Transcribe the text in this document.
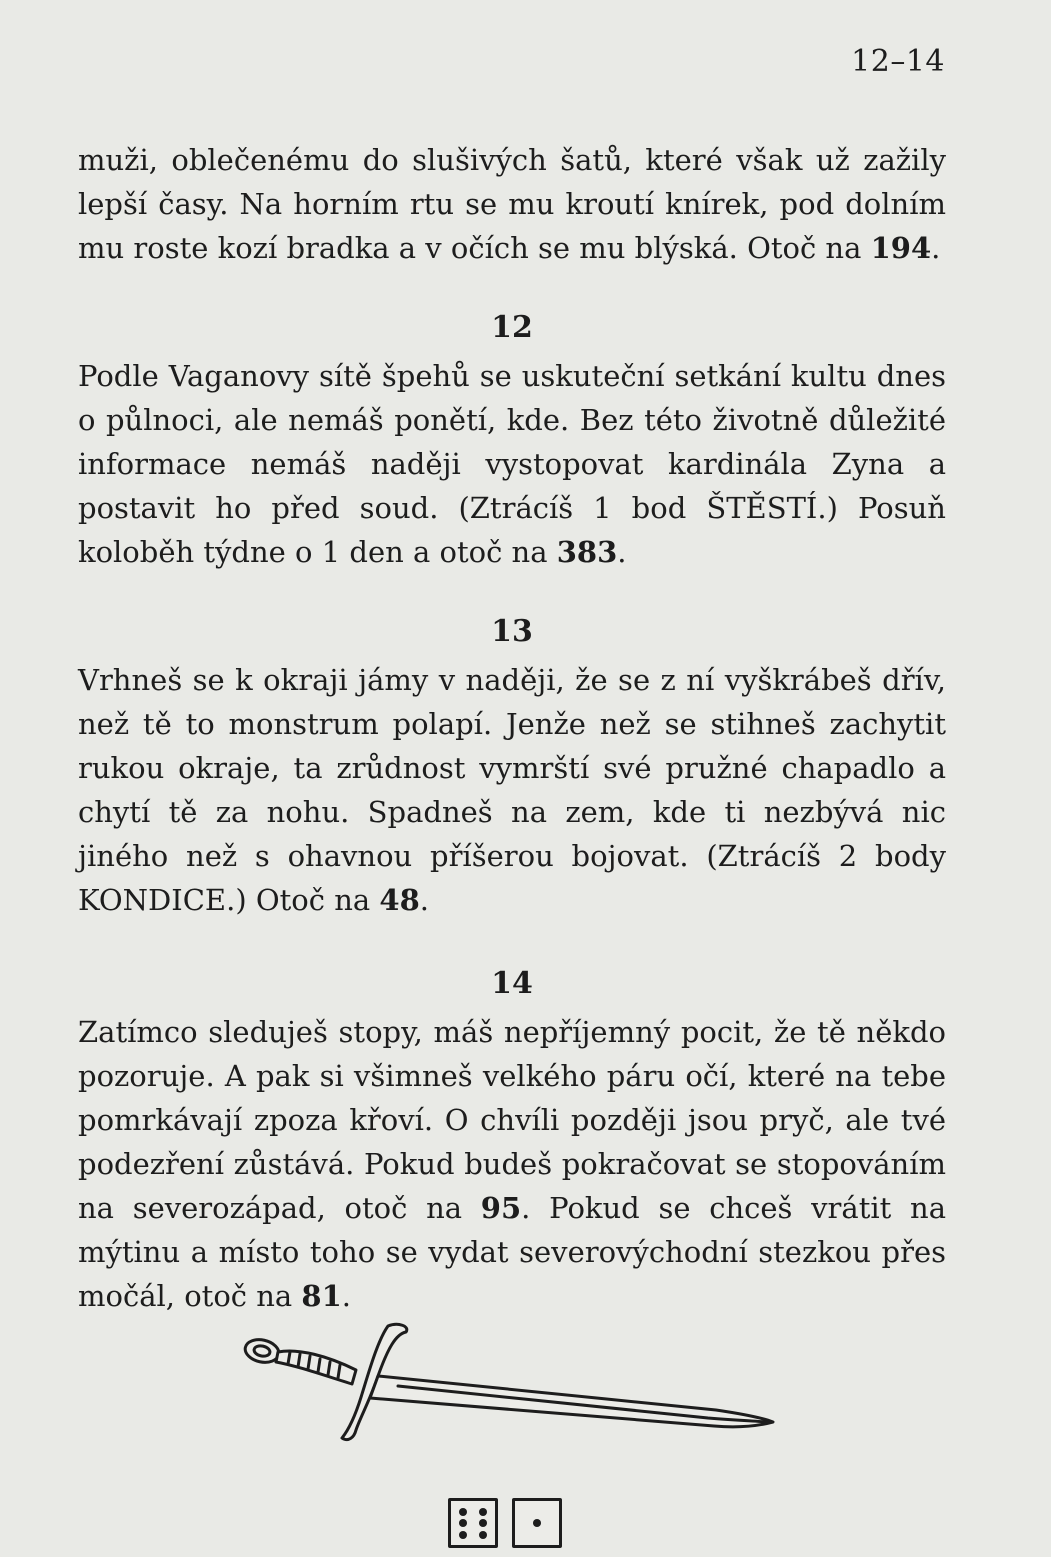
12–14

muži, oblečenému do slušivých šatů, které však už zažily lepší časy. Na horním rtu se mu kroutí knírek, pod dolním mu roste kozí bradka a v očích se mu blýská. Otoč na 194.

12

Podle Vaganovy sítě špehů se uskuteční setkání kultu dnes o půlnoci, ale nemáš ponětí, kde. Bez této životně důležité informace nemáš naději vystopovat kardinála Zyna a postavit ho před soud. (Ztrácíš 1 bod ŠTĚSTÍ.) Posuň koloběh týdne o 1 den a otoč na 383.

13

Vrhneš se k okraji jámy v naději, že se z ní vyškrábeš dřív, než tě to monstrum polapí. Jenže než se stihneš zachytit rukou okraje, ta zrůdnost vymrští své pružné chapadlo a chytí tě za nohu. Spadneš na zem, kde ti nezbývá nic jiného než s ohavnou příšerou bojovat. (Ztrácíš 2 body KONDICE.) Otoč na 48.

14

Zatímco sleduješ stopy, máš nepříjemný pocit, že tě někdo pozoruje. A pak si všimneš velkého páru očí, které na tebe pomrkávají zpoza křoví. O chvíli později jsou pryč, ale tvé podezření zůstává. Pokud budeš pokračovat se stopováním na severozápad, otoč na 95. Pokud se chceš vrátit na mýtinu a místo toho se vydat severovýchodní stezkou přes močál, otoč na 81.
